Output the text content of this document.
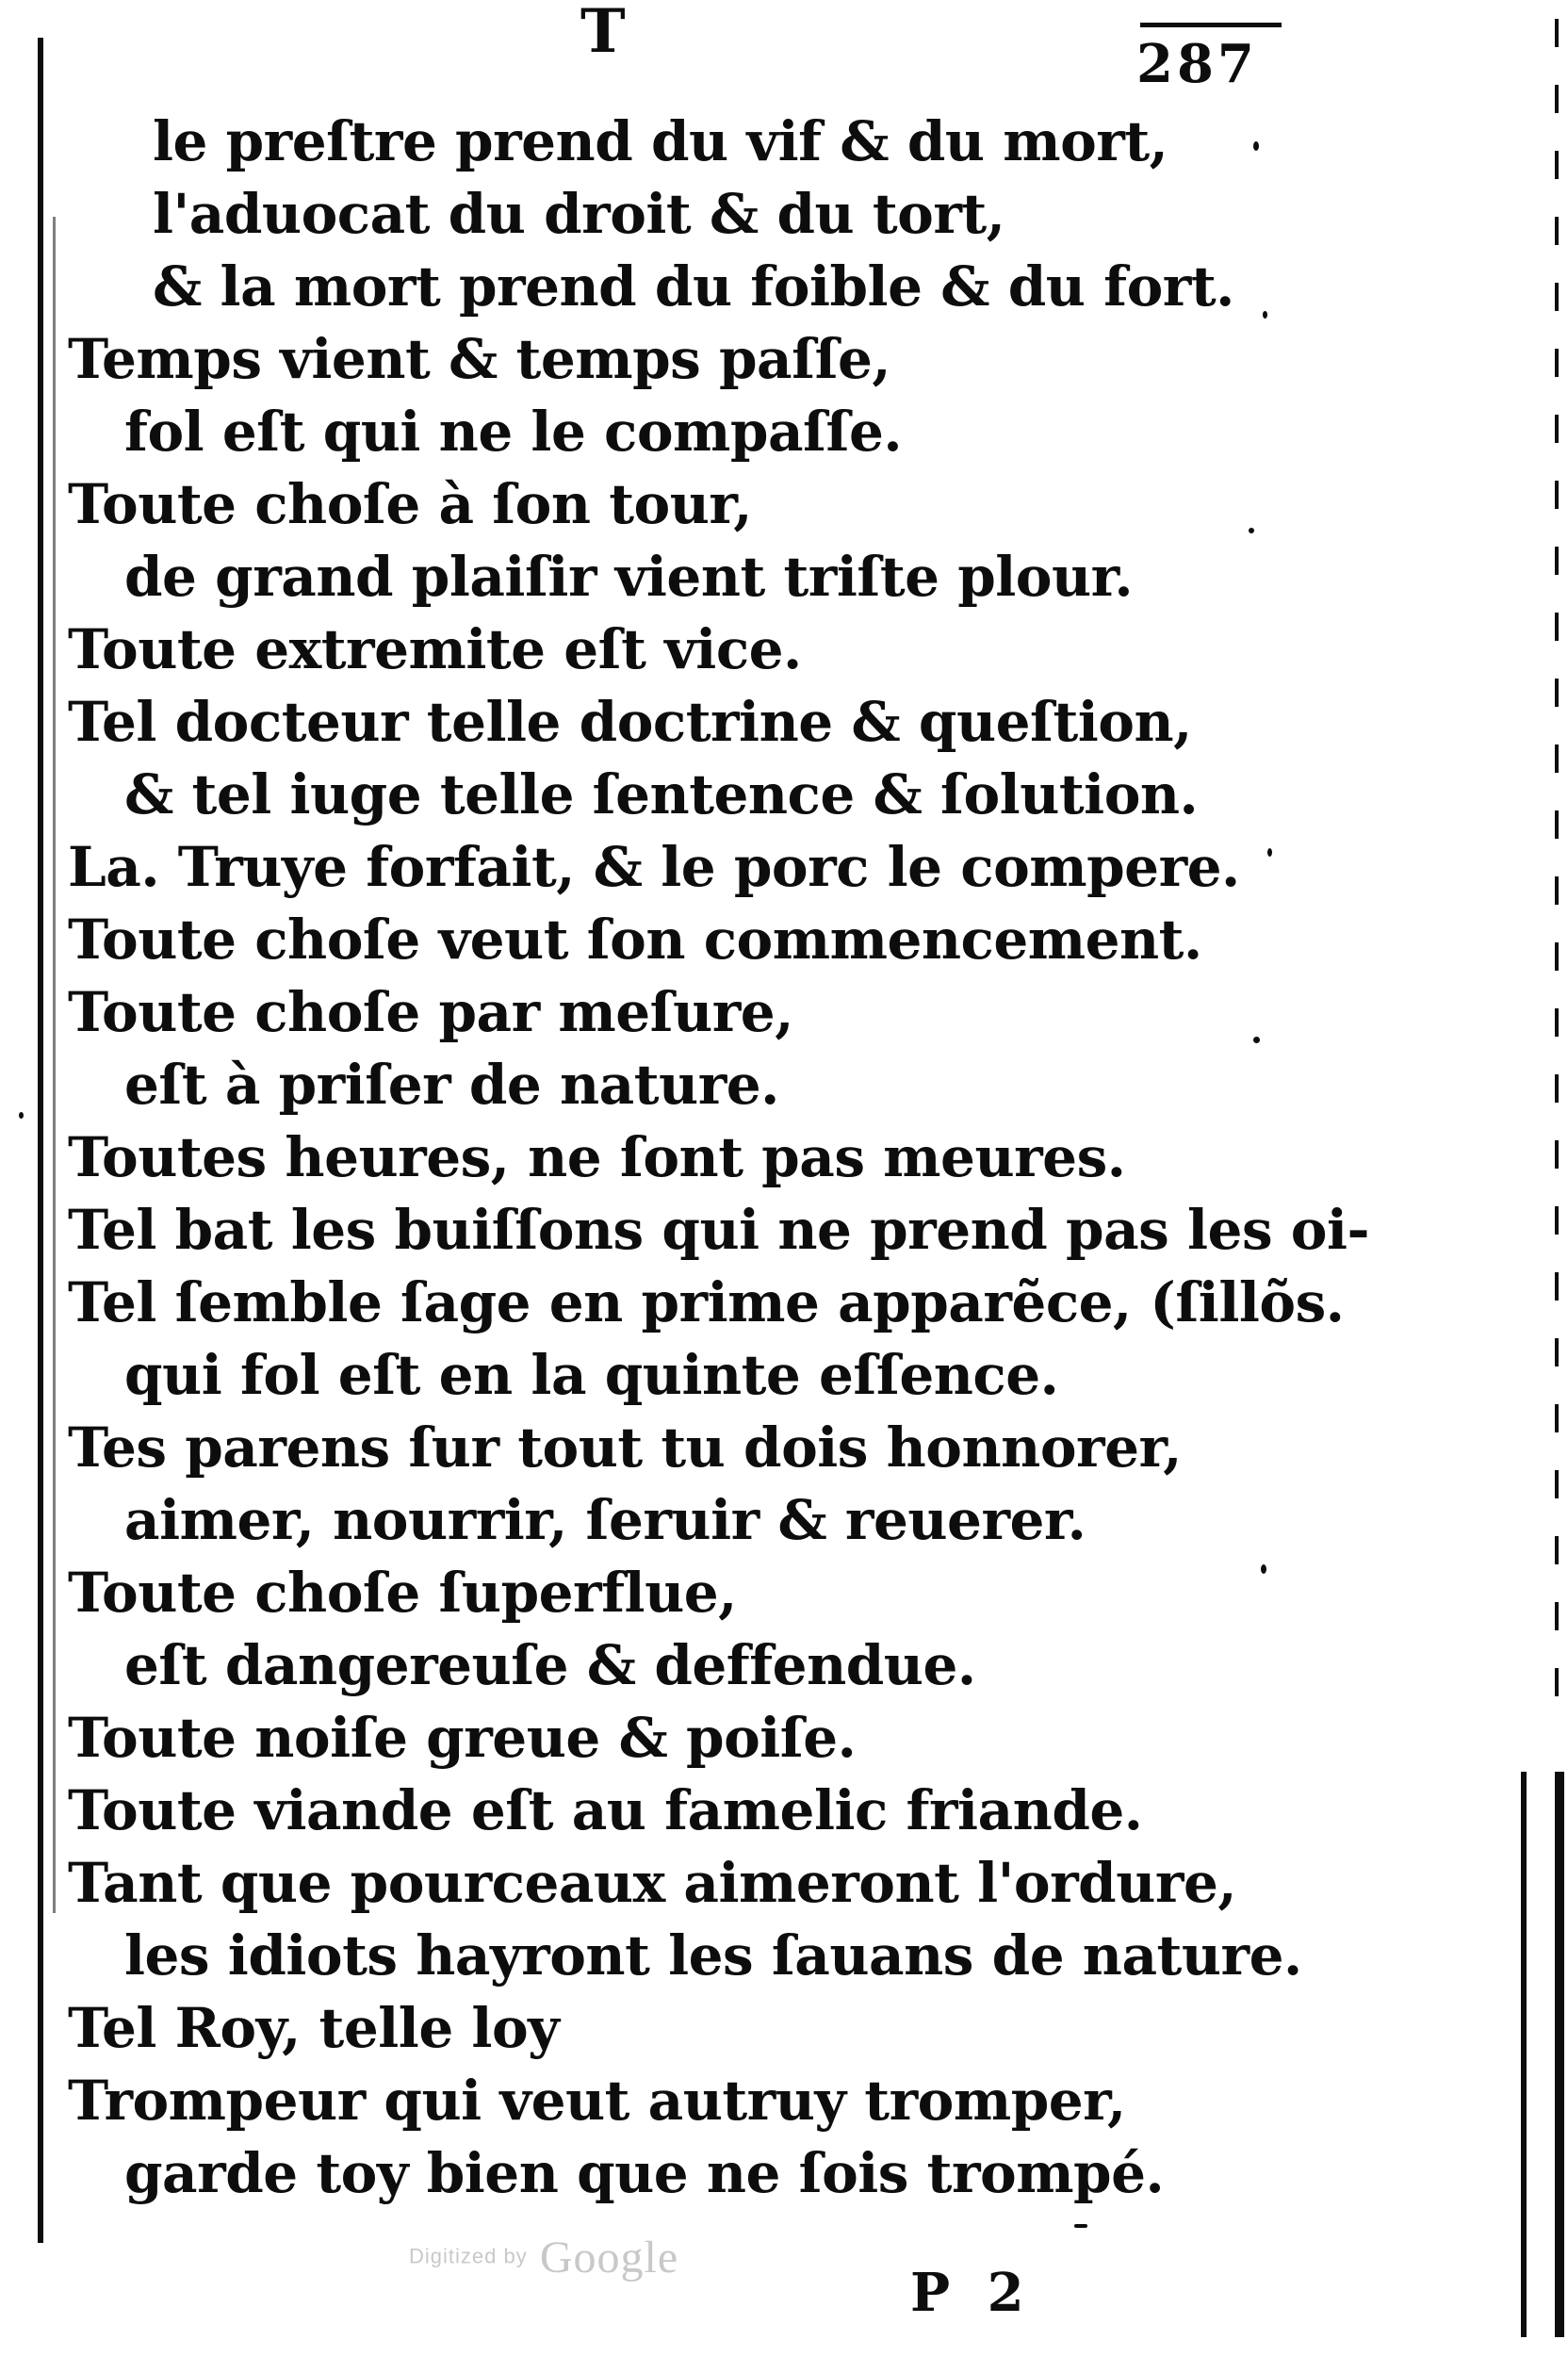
T	287
le preſtre prend du vif & du mort,
l'aduocat du droit & du tort,
& la mort prend du foible & du fort.
Temps vient & temps paſſe,
fol eſt qui ne le compaſſe.
Toute choſe à ſon tour,
de grand plaiſir vient triſte plour.
Toute extremite eſt vice.
Tel docteur telle doctrine & queſtion,
& tel iuge telle ſentence & ſolution.
La. Truye forfait, & le porc le compere.
Toute choſe veut ſon commencement.
Toute choſe par meſure,
eſt à priſer de nature.
Toutes heures, ne ſont pas meures.
Tel bat les buiſſons qui ne prend pas les oi-
Tel ſemble ſage en prime apparẽce, (ſillõs.
qui fol eſt en la quinte eſſence.
Tes parens ſur tout tu dois honnorer,
aimer, nourrir, ſeruir & reuerer.
Toute choſe ſuperflue,
eſt dangereuſe & deffendue.
Toute noiſe greue & poiſe.
Toute viande eſt au famelic friande.
Tant que pourceaux aimeront l'ordure,
les idiots hayront les ſauans de nature.
Tel Roy, telle loy
Trompeur qui veut autruy tromper,
garde toy bien que ne ſois trompé.
Digitized by Google
P 2
